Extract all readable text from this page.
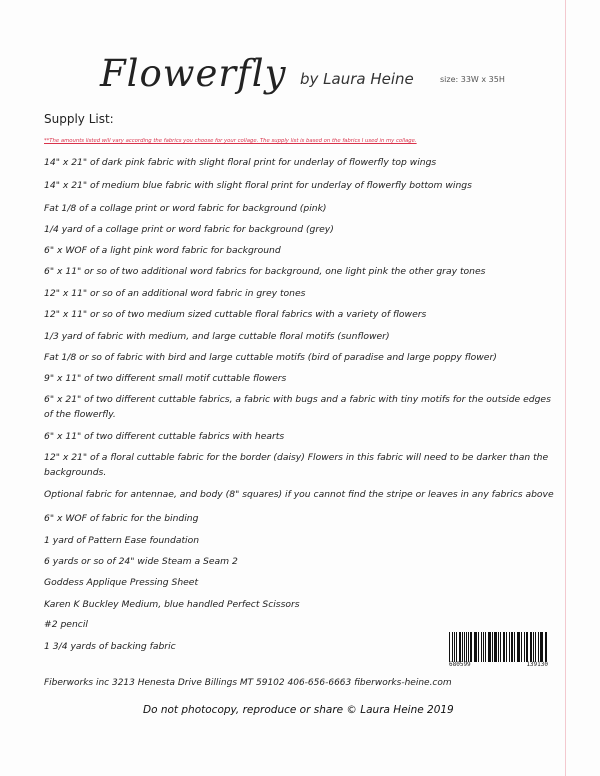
Flowerfly by Laura Heine	size: 33W x 35H
Supply List:
**The amounts listed will vary according the fabrics you choose for your collage. The supply list is based on the fabrics I used in my collage.
14" x 21" of dark pink fabric with slight floral print for underlay of flowerfly top wings
14" x 21" of medium blue fabric with slight floral print for underlay of flowerfly bottom wings
Fat 1/8 of a collage print or word fabric for background (pink)
1/4 yard of a collage print or word fabric for background (grey)
6" x WOF of a light pink word fabric for background
6" x 11" or so of two additional word fabrics for background, one light pink the other gray tones
12" x 11" or so of an additional word fabric in grey tones
12" x 11" or so of two medium sized cuttable floral fabrics with a variety of flowers
1/3 yard of fabric with medium, and large cuttable floral motifs (sunflower)
Fat 1/8 or so of fabric with bird and large cuttable motifs (bird of paradise and large poppy flower)
9" x 11" of two different small motif cuttable flowers
6" x 21" of two different cuttable fabrics, a fabric with bugs and a fabric with tiny motifs for the outside edges of the flowerfly.
6" x 11" of two different cuttable fabrics with hearts
12" x 21" of a floral cuttable fabric for the border (daisy) Flowers in this fabric will need to be darker than the backgrounds.
Optional fabric for antennae, and body (8" squares) if you cannot find the stripe or leaves in any fabrics above
6" x WOF of fabric for the binding
1 yard of Pattern Ease foundation
6 yards or so of 24" wide Steam a Seam 2
Goddess Applique Pressing Sheet
Karen K Buckley Medium, blue handled Perfect Scissors
#2 pencil
1 3/4 yards of backing fabric
680599	139130
Fiberworks inc 3213 Henesta Drive Billings MT 59102 406-656-6663 fiberworks-heine.com
Do not photocopy, reproduce or share © Laura Heine 2019
